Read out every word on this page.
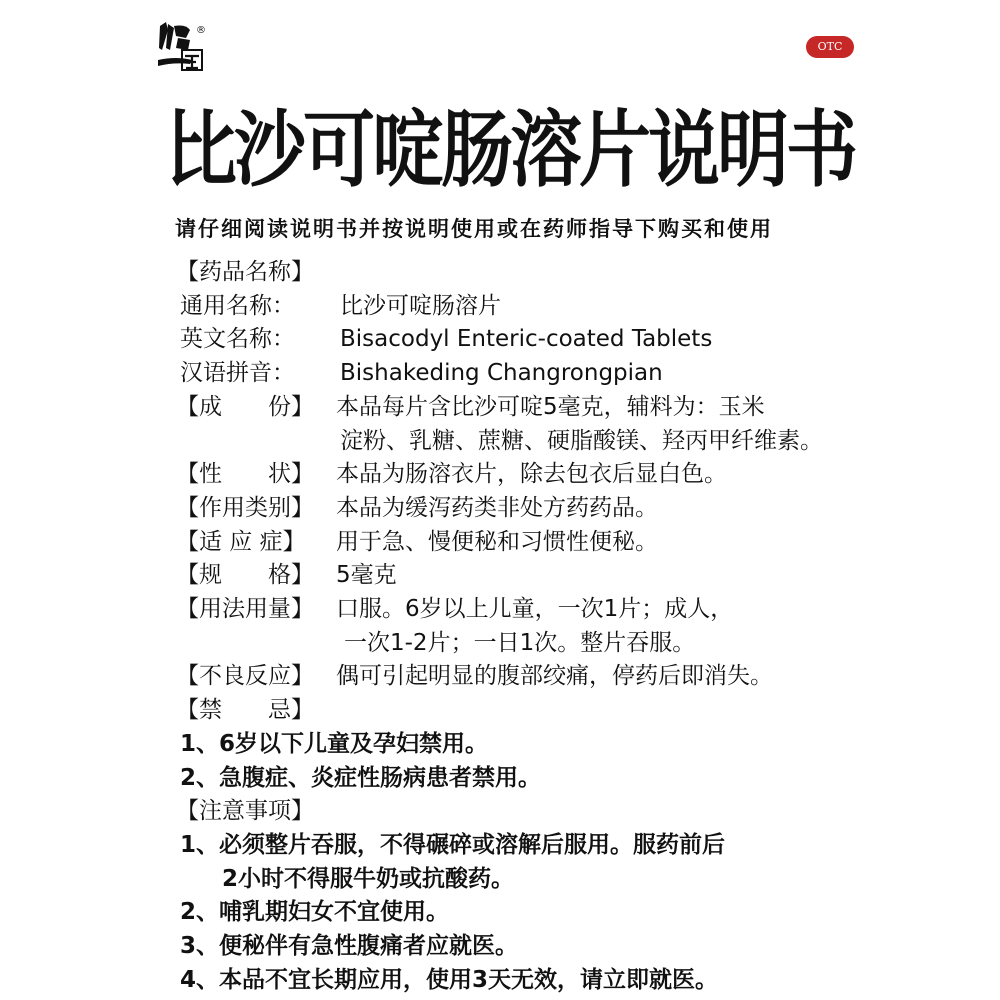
®
OTC
比沙可啶肠溶片说明书
请仔细阅读说明书并按说明使用或在药师指导下购买和使用
【药品名称】
通用名称：	比沙可啶肠溶片
英文名称：	Bisacodyl Enteric-coated Tablets
汉语拼音：	Bishakeding Changrongpian
【成　　份】 本品每片含比沙可啶5毫克，辅料为：玉米
淀粉、乳糖、蔗糖、硬脂酸镁、羟丙甲纤维素。
【性　　状】 本品为肠溶衣片，除去包衣后显白色。
【作用类别】 本品为缓泻药类非处方药药品。
【适 应 症】	用于急、慢便秘和习惯性便秘。
【规　　格】 5毫克
【用法用量】 口服。6岁以上儿童，一次1片；成人，
一次1-2片；一日1次。整片吞服。
【不良反应】 偶可引起明显的腹部绞痛，停药后即消失。
【禁　　忌】
1、6岁以下儿童及孕妇禁用。
2、急腹症、炎症性肠病患者禁用。
【注意事项】
1、必须整片吞服，不得碾碎或溶解后服用。服药前后
2小时不得服牛奶或抗酸药。
2、哺乳期妇女不宜使用。
3、便秘伴有急性腹痛者应就医。
4、本品不宜长期应用，使用3天无效，请立即就医。
